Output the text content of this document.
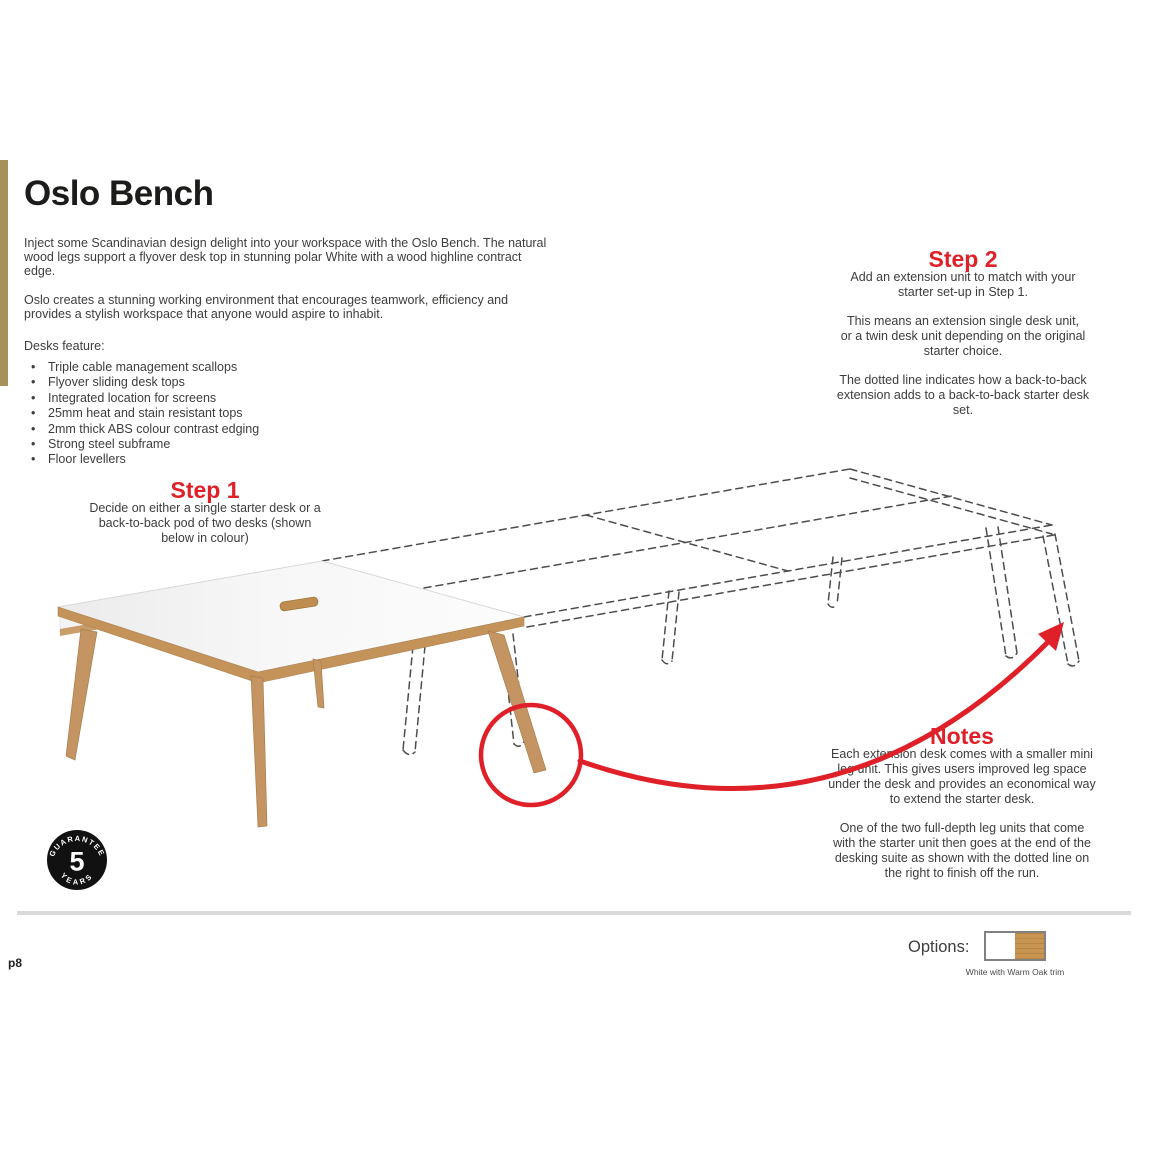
Oslo Bench
Inject some Scandinavian design delight into your workspace with the Oslo Bench. The natural
wood legs support a flyover desk top in stunning polar White with a wood highline contract
edge.
Oslo creates a stunning working environment that encourages teamwork, efficiency and
provides a stylish workspace that anyone would aspire to inhabit.
Desks feature:
•	Triple cable management scallops
•	Flyover sliding desk tops
•	Integrated location for screens
•	25mm heat and stain resistant tops
•	2mm thick ABS colour contrast edging
•	Strong steel subframe
•	Floor levellers
Step 1
Decide on either a single starter desk or a
back-to-back pod of two desks (shown
below in colour)
Step 2
Add an extension unit to match with your
starter set-up in Step 1.
This means an extension single desk unit,
or a twin desk unit depending on the original
starter choice.
The dotted line indicates how a back-to-back
extension adds to a back-to-back starter desk
set.
Notes
Each extension desk comes with a smaller mini
leg unit. This gives users improved leg space
under the desk and provides an economical way
to extend the starter desk.
One of the two full-depth leg units that come
with the starter unit then goes at the end of the
desking suite as shown with the dotted line on
the right to finish off the run.
GUARANTEE
YEARS
5
Options:
White with Warm Oak trim
p8
